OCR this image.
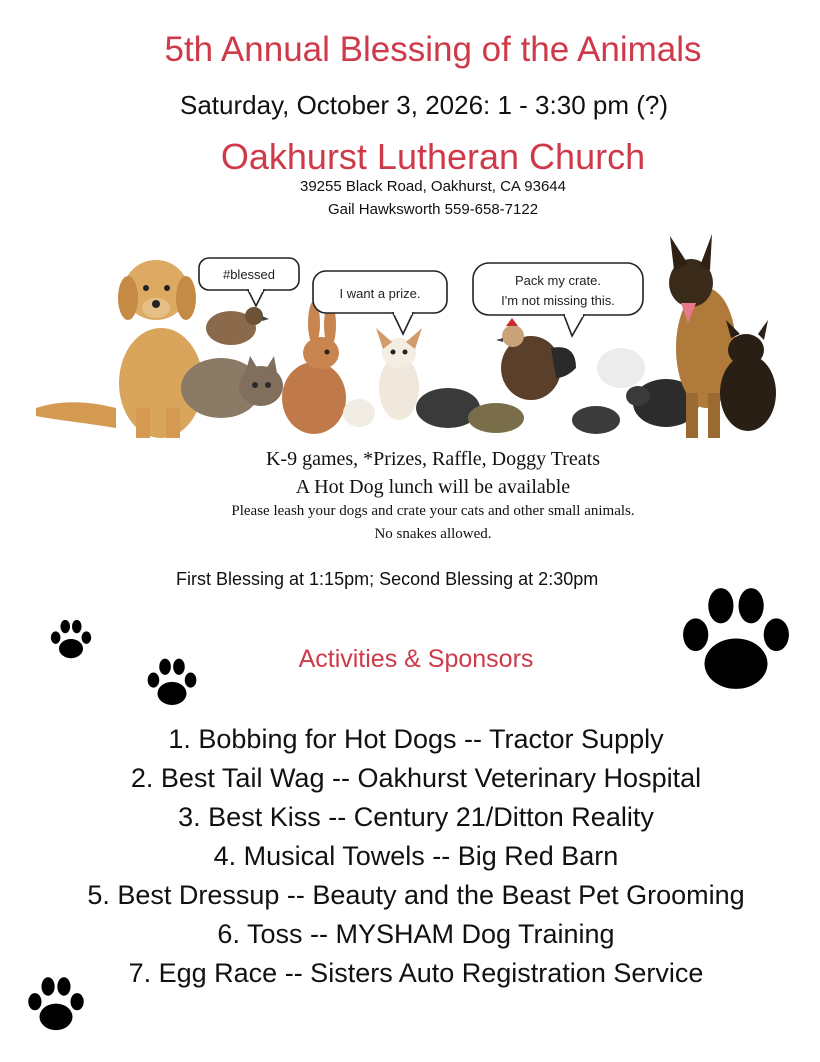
5th Annual Blessing of the Animals
Saturday, October 3, 2026: 1 - 3:30 pm (?)
Oakhurst Lutheran Church
39255 Black Road, Oakhurst, CA 93644
Gail Hawksworth 559-658-7122
#blessed
I want a prize.
Pack my crate.
I'm not missing this.
K-9 games, *Prizes, Raffle, Doggy Treats
A Hot Dog lunch will be available
Please leash your dogs and crate your cats and other small animals.
No snakes allowed.
First Blessing at 1:15pm; Second Blessing at 2:30pm
Activities & Sponsors
1. Bobbing for Hot Dogs -- Tractor Supply
2. Best Tail Wag -- Oakhurst Veterinary Hospital
3. Best Kiss -- Century 21/Ditton Reality
4. Musical Towels -- Big Red Barn
5. Best Dressup -- Beauty and the Beast Pet Grooming
6. Toss -- MYSHAM Dog Training
7. Egg Race -- Sisters Auto Registration Service
